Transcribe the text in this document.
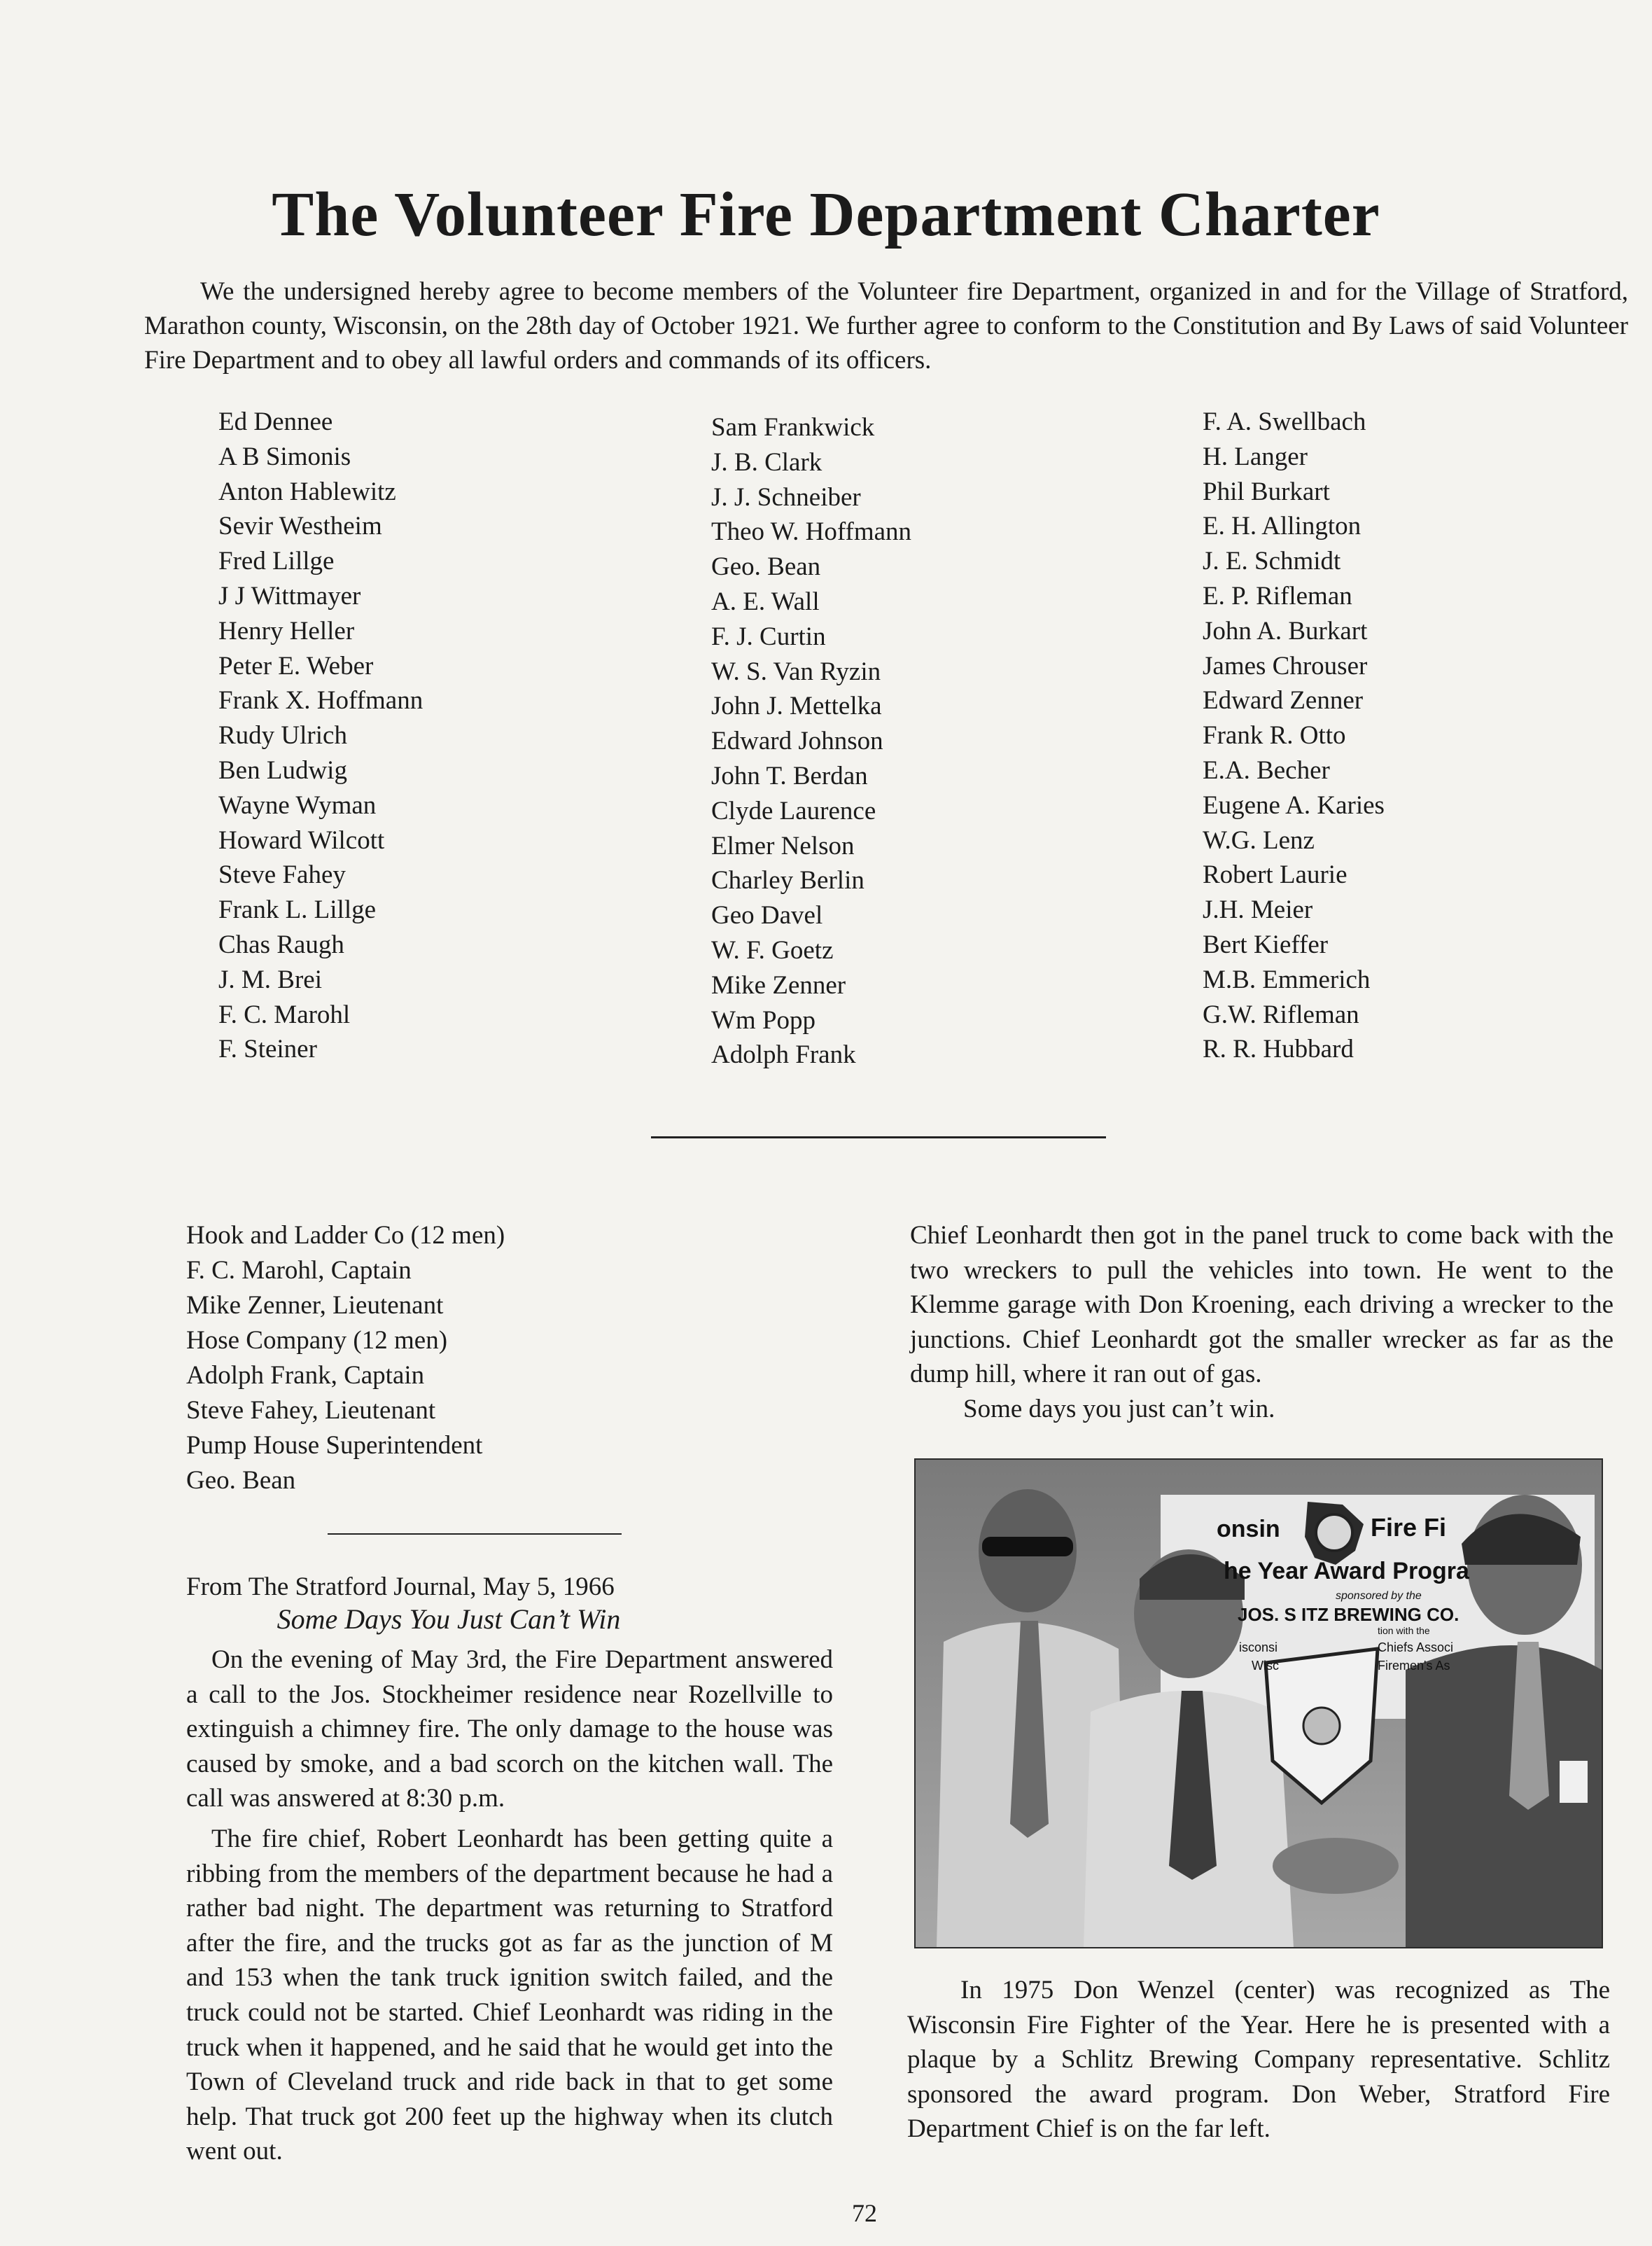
The Volunteer Fire Department Charter
We the undersigned hereby agree to become members of the Volunteer fire Department, organized in and for the Village of Stratford, Marathon county, Wisconsin, on the 28th day of October 1921. We further agree to conform to the Constitution and By Laws of said Volunteer Fire Department and to obey all lawful orders and commands of its officers.
Ed Dennee
A B Simonis
Anton Hablewitz
Sevir Westheim
Fred Lillge
J J Wittmayer
Henry Heller
Peter E. Weber
Frank X. Hoffmann
Rudy Ulrich
Ben Ludwig
Wayne Wyman
Howard Wilcott
Steve Fahey
Frank L. Lillge
Chas Raugh
J. M. Brei
F. C. Marohl
F. Steiner
Sam Frankwick
J. B. Clark
J. J. Schneiber
Theo W. Hoffmann
Geo. Bean
A. E. Wall
F. J. Curtin
W. S. Van Ryzin
John J. Mettelka
Edward Johnson
John T. Berdan
Clyde Laurence
Elmer Nelson
Charley Berlin
Geo Davel
W. F. Goetz
Mike Zenner
Wm Popp
Adolph Frank
F. A. Swellbach
H. Langer
Phil Burkart
E. H. Allington
J. E. Schmidt
E. P. Rifleman
John A. Burkart
James Chrouser
Edward Zenner
Frank R. Otto
E.A. Becher
Eugene A. Karies
W.G. Lenz
Robert Laurie
J.H. Meier
Bert Kieffer
M.B. Emmerich
G.W. Rifleman
R. R. Hubbard
Hook and Ladder Co (12 men)
F. C. Marohl, Captain
Mike Zenner, Lieutenant
Hose Company (12 men)
Adolph Frank, Captain
Steve Fahey, Lieutenant
Pump House Superintendent
Geo. Bean
From The Stratford Journal, May 5, 1966
Some Days You Just Can’t Win

On the evening of May 3rd, the Fire Department answered a call to the Jos. Stockheimer residence near Rozellville to extinguish a chimney fire. The only damage to the house was caused by smoke, and a bad scorch on the kitchen wall. The call was answered at 8:30 p.m.

The fire chief, Robert Leonhardt has been getting quite a ribbing from the members of the department because he had a rather bad night. The department was returning to Stratford after the fire, and the trucks got as far as the junction of M and 153 when the tank truck ignition switch failed, and the truck could not be started. Chief Leonhardt was riding in the truck when it happened, and he said that he would get into the Town of Cleveland truck and ride back in that to get some help. That truck got 200 feet up the highway when its clutch went out.

Chief Leonhardt then got in the panel truck to come back with the two wreckers to pull the vehicles into town. He went to the Klemme garage with Don Kroening, each driving a wrecker to the junctions. Chief Leonhardt got the smaller wrecker as far as the dump hill, where it ran out of gas.

Some days you just can’t win.

onsin	Fire Fi
he Year Award Progra
sponsored by the
JOS. S ITZ BREWING CO.
tion with the
isconsi
Wisc
Chiefs Associ
Firemen's As

In 1975 Don Wenzel (center) was recognized as The Wisconsin Fire Fighter of the Year. Here he is presented with a plaque by a Schlitz Brewing Company representative. Schlitz sponsored the award program. Don Weber, Stratford Fire Department Chief is on the far left.

72
